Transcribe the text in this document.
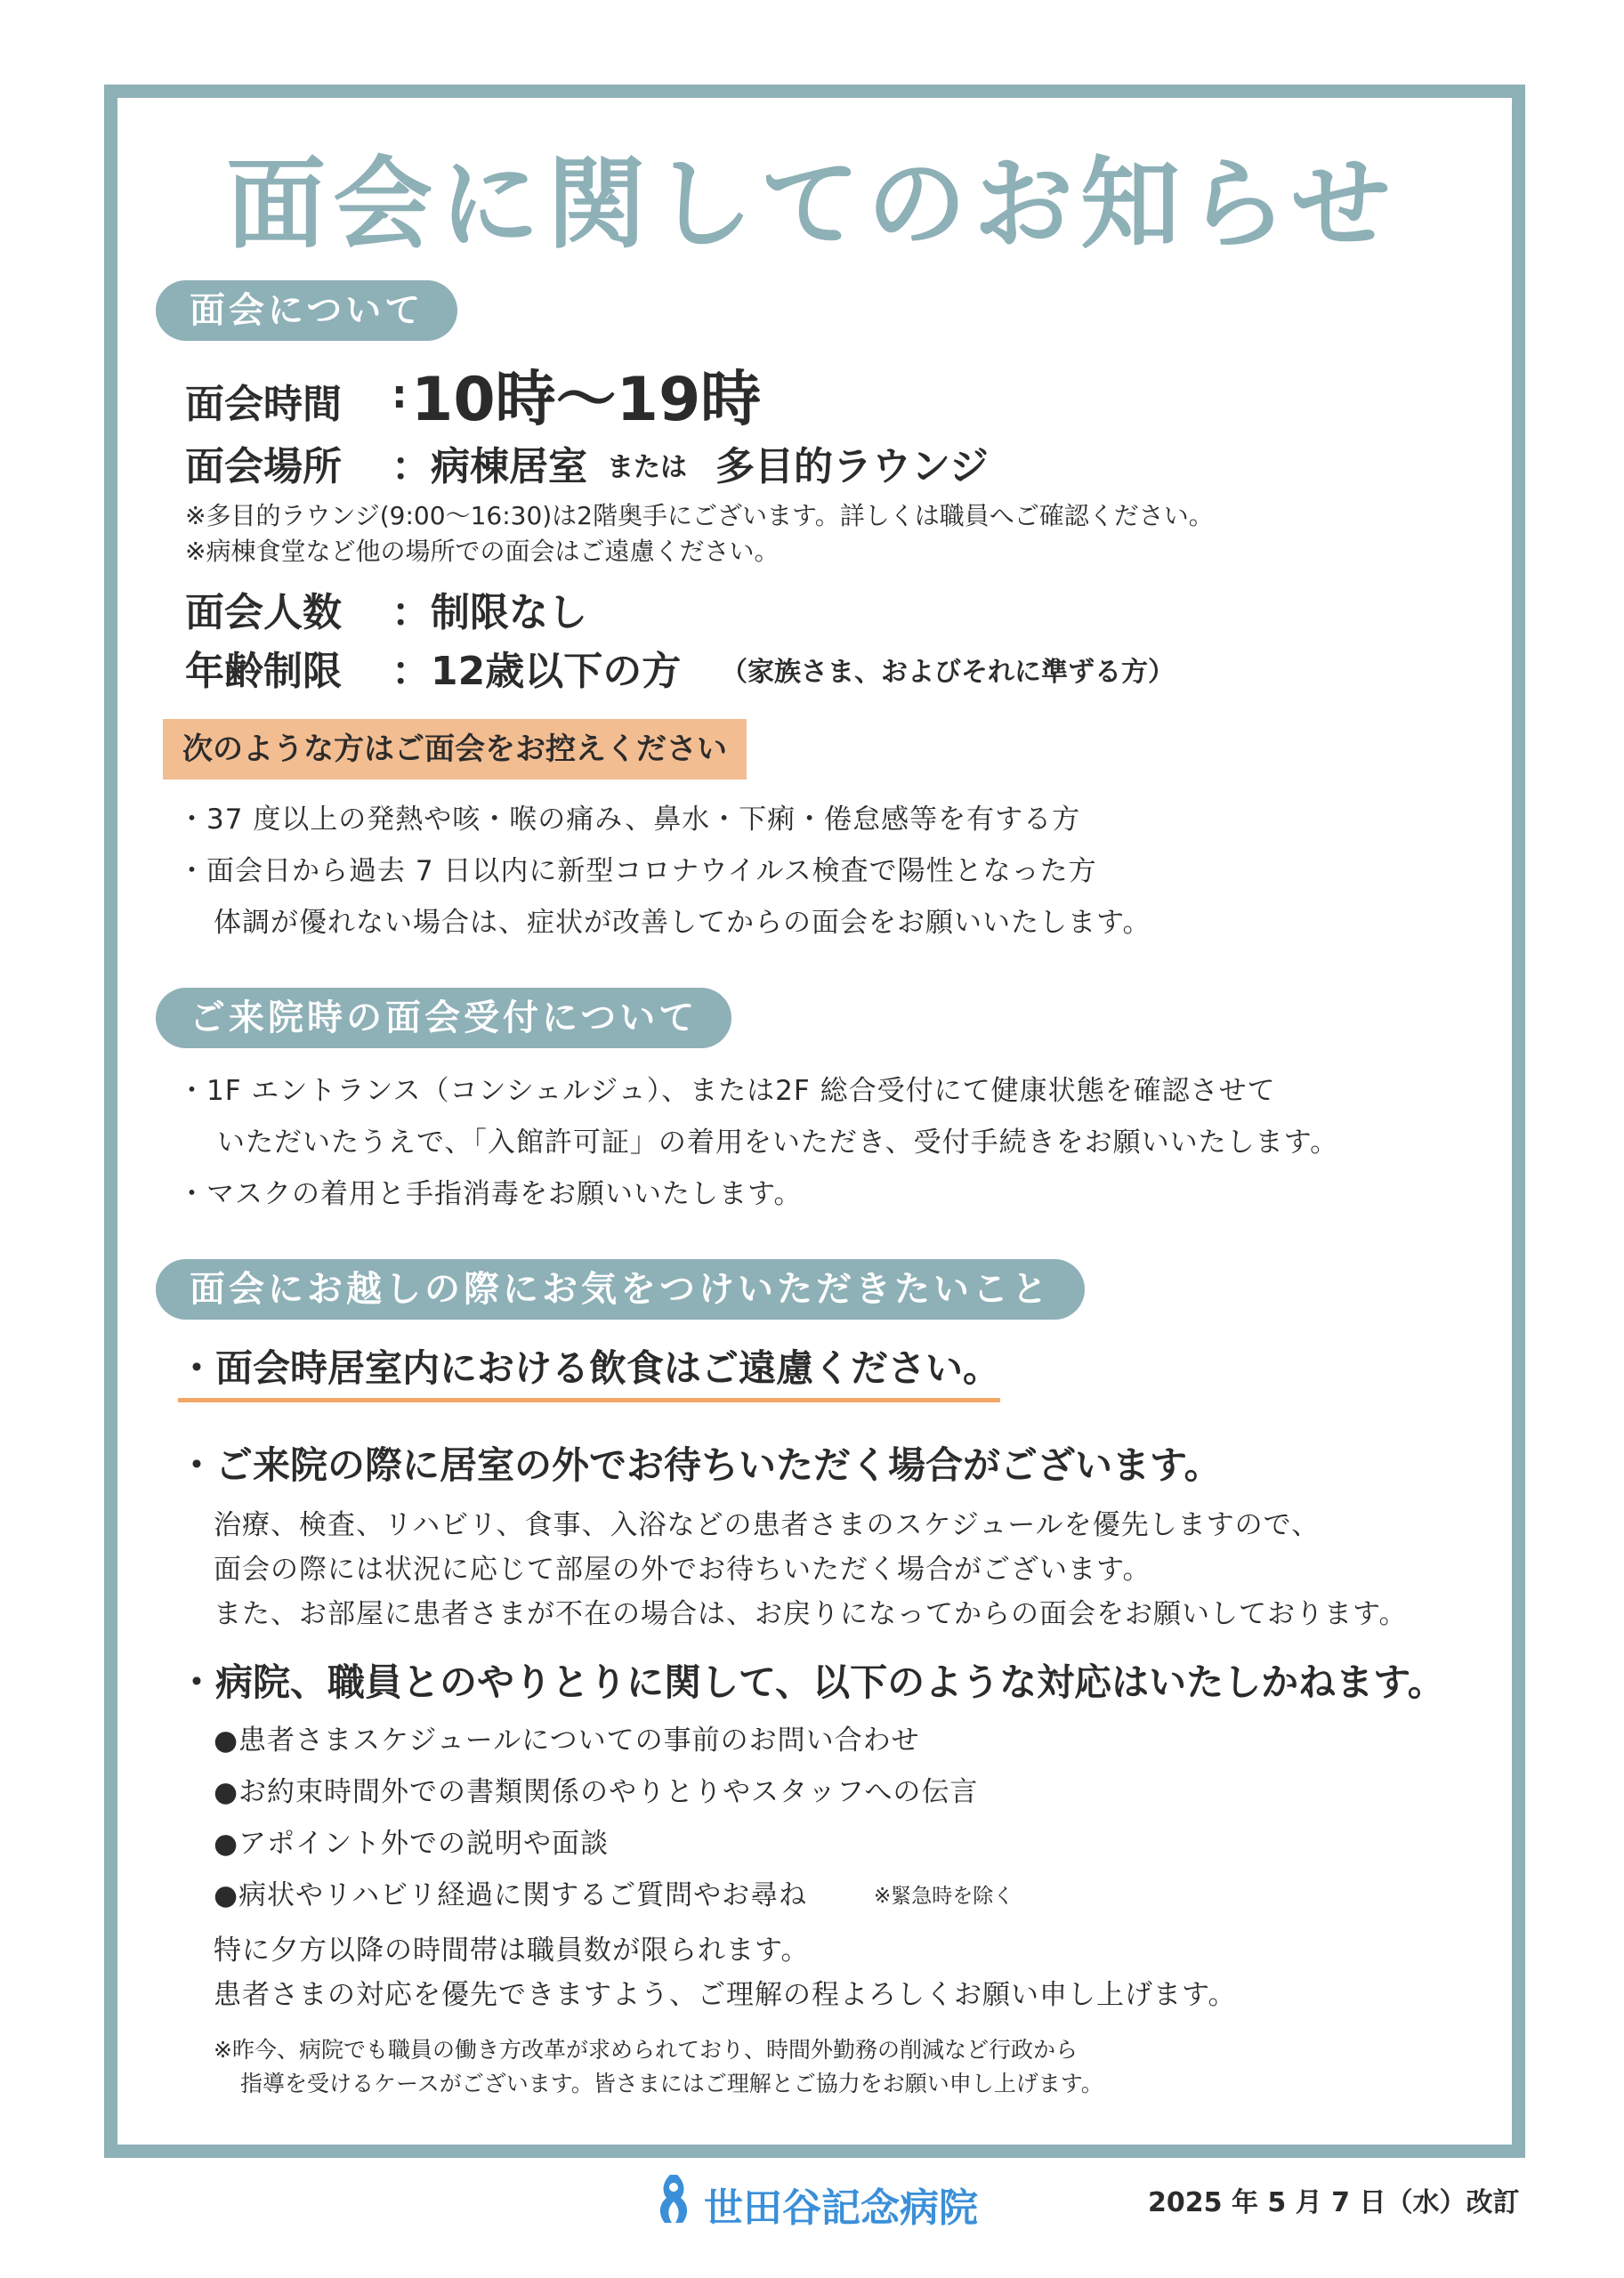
面会に関してのお知らせ
面会について
面会時間 : 10時〜19時
面会場所 ：病棟居室 または 多目的ラウンジ
※多目的ラウンジ(9:00〜16:30)は2階奥手にございます。詳しくは職員へご確認ください。
※病棟食堂など他の場所での面会はご遠慮ください。
面会人数 ：制限なし
年齢制限 ：12歳以下の方 （家族さま、およびそれに準ずる方）
次のような方はご面会をお控えください
・37 度以上の発熱や咳・喉の痛み、鼻水・下痢・倦怠感等を有する方
・面会日から過去 7 日以内に新型コロナウイルス検査で陽性となった方
体調が優れない場合は、症状が改善してからの面会をお願いいたします。
ご来院時の面会受付について
・1F エントランス（コンシェルジュ）、または2F 総合受付にて健康状態を確認させて
いただいたうえで、「入館許可証」の着用をいただき、受付手続きをお願いいたします。
・マスクの着用と手指消毒をお願いいたします。
面会にお越しの際にお気をつけいただきたいこと
・面会時居室内における飲食はご遠慮ください。
・ご来院の際に居室の外でお待ちいただく場合がございます。
治療、検査、リハビリ、食事、入浴などの患者さまのスケジュールを優先しますので、
面会の際には状況に応じて部屋の外でお待ちいただく場合がございます。
また、お部屋に患者さまが不在の場合は、お戻りになってからの面会をお願いしております。
・病院、職員とのやりとりに関して、以下のような対応はいたしかねます。
●患者さまスケジュールについての事前のお問い合わせ
●お約束時間外での書類関係のやりとりやスタッフへの伝言
●アポイント外での説明や面談
●病状やリハビリ経過に関するご質問やお尋ね	※緊急時を除く
特に夕方以降の時間帯は職員数が限られます。
患者さまの対応を優先できますよう、ご理解の程よろしくお願い申し上げます。
※昨今、病院でも職員の働き方改革が求められており、時間外勤務の削減など行政から
指導を受けるケースがございます。皆さまにはご理解とご協力をお願い申し上げます。
世田谷記念病院	2025 年 5 月 7 日（水）改訂
